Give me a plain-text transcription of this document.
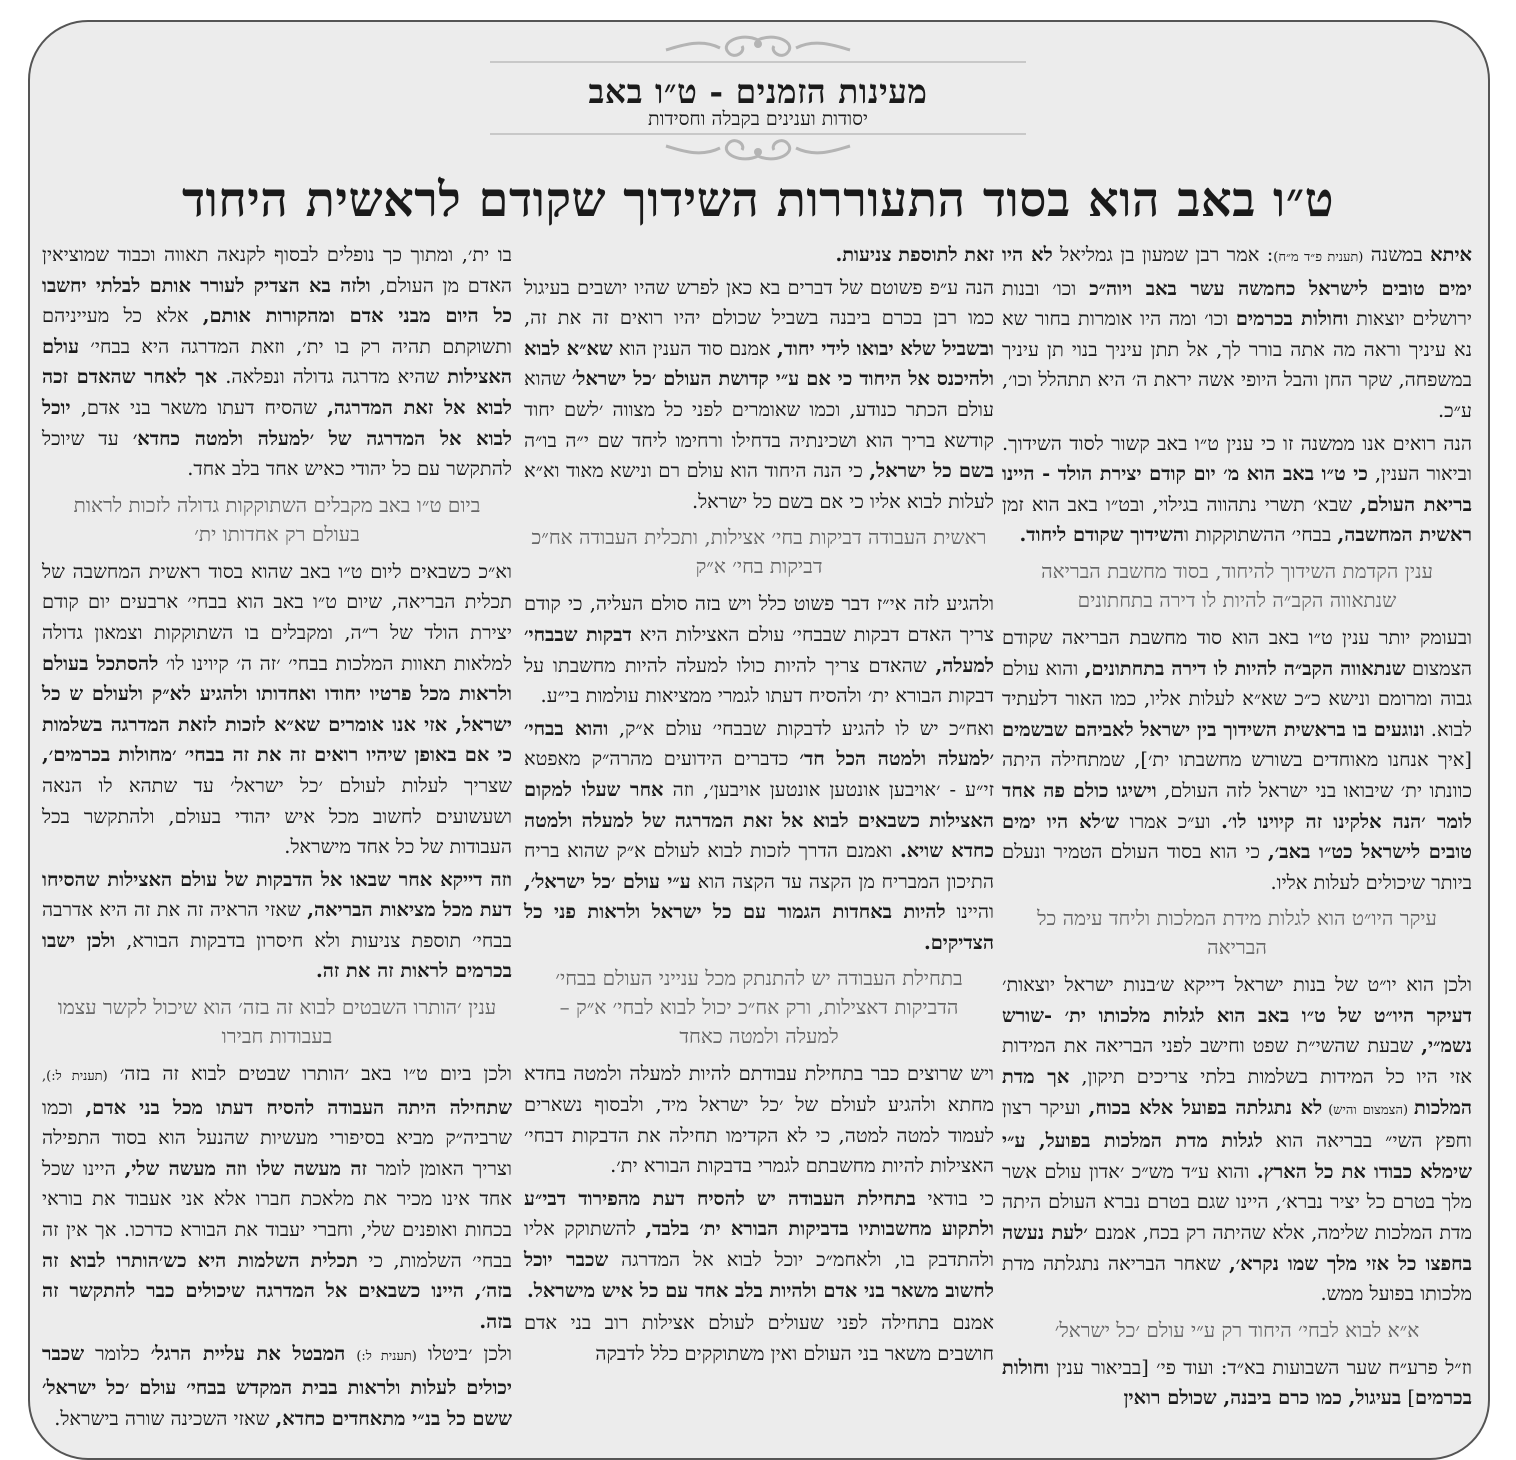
מעינות הזמנים - ט״ו באב
יסודות וענינים בקבלה וחסידות
ט״ו באב הוא בסוד התעוררות השידוך שקודם לראשית היחוד

איתא במשנה (תענית פ״ד מ״ח): אמר רבן שמעון בן גמליאל לא היו ימים טובים לישראל כחמשה עשר באב ויוה״כ וכו׳ ובנות ירושלים יוצאות וחולות בכרמים וכו׳ ומה היו אומרות בחור שא נא עיניך וראה מה אתה בורר לך, אל תתן עיניך בנוי תן עיניך במשפחה, שקר החן והבל היופי אשה יראת ה׳ היא תתהלל וכו׳, ע״כ.

הנה רואים אנו ממשנה זו כי ענין ט״ו באב קשור לסוד השידוך. וביאור הענין, כי ט״ו באב הוא מ׳ יום קודם יצירת הולד - היינו בריאת העולם, שבא׳ תשרי נתהווה בגילוי, ובט״ו באב הוא זמן ראשית המחשבה, בבחי׳ ההשתוקקות והשידוך שקודם ליחוד.

ענין הקדמת השידוך להיחוד, בסוד מחשבת הבריאה שנתאווה הקב״ה להיות לו דירה בתחתונים

ובעומק יותר ענין ט״ו באב הוא סוד מחשבת הבריאה שקודם הצמצום שנתאווה הקב״ה להיות לו דירה בתחתונים, והוא עולם גבוה ומרומם ונישא כ״כ שא״א לעלות אליו, כמו האור דלעתיד לבוא. ונוגעים בו בראשית השידוך בין ישראל לאביהם שבשמים [איך אנחנו מאוחדים בשורש מחשבתו ית׳], שמתחילה היתה כוונתו ית׳ שיבואו בני ישראל לזה העולם, וישיגו כולם פה אחד לומר ׳הנה אלקינו זה קיוינו לו׳. וע״כ אמרו ש׳לא היו ימים טובים לישראל כט״ו באב׳, כי הוא בסוד העולם הטמיר ונעלם ביותר שיכולים לעלות אליו.

עיקר היו״ט הוא לגלות מידת המלכות וליחד עימה כל הבריאה

ולכן הוא יו״ט של בנות ישראל דייקא ש׳בנות ישראל יוצאות׳ דעיקר היו״ט של ט״ו באב הוא לגלות מלכותו ית׳ -שורש נשמ״י, שבעת שהשי״ת שפט וחישב לפני הבריאה את המידות אזי היו כל המידות בשלמות בלתי צריכים תיקון, אך מדת המלכות (הצמצום והיש) לא נתגלתה בפועל אלא בכוח, ועיקר רצון וחפץ השי״ בבריאה הוא לגלות מדת המלכות בפועל, ע״י שימלא כבודו את כל הארץ. והוא ע״ד מש״כ ׳אדון עולם אשר מלך בטרם כל יציר נברא׳, היינו שגם בטרם נברא העולם היתה מדת המלכות שלימה, אלא שהיתה רק בכח, אמנם ׳לעת נעשה בחפצו כל אזי מלך שמו נקרא׳, שאחר הבריאה נתגלתה מדת מלכותו בפועל ממש.

א״א לבוא לבחי׳ היחוד רק ע״י עולם ׳כל ישראל׳

וז״ל פרע״ח שער השבועות בא״ד: ועוד פי׳ [בביאור ענין וחולות בכרמים] בעיגול, כמו כרם ביבנה, שכולם רואין

זאת לתוספת צניעות.

הנה ע״פ פשוטם של דברים בא כאן לפרש שהיו יושבים בעיגול כמו רבן בכרם ביבנה בשביל שכולם יהיו רואים זה את זה, ובשביל שלא יבואו לידי יחוד, אמנם סוד הענין הוא שא״א לבוא ולהיכנס אל היחוד כי אם ע״י קדושת העולם ׳כל ישראל׳ שהוא עולם הכתר כנודע, וכמו שאומרים לפני כל מצווה ׳לשם יחוד קודשא בריך הוא ושכינתיה בדחילו ורחימו ליחד שם י״ה בו״ה בשם כל ישראל, כי הנה היחוד הוא עולם רם ונישא מאוד וא״א לעלות לבוא אליו כי אם בשם כל ישראל.

ראשית העבודה דביקות בחי׳ אצילות, ותכלית העבודה אח״כ דביקות בחי׳ א״ק

ולהגיע לזה אי״ז דבר פשוט כלל ויש בזה סולם העליה, כי קודם צריך האדם דבקות שבבחי׳ עולם האצילות היא דבקות שבבחי׳ למעלה, שהאדם צריך להיות כולו למעלה להיות מחשבתו על דבקות הבורא ית׳ ולהסיח דעתו לגמרי ממציאות עולמות בי״ע.

ואח״כ יש לו להגיע לדבקות שבבחי׳ עולם א״ק, והוא בבחי׳ ׳למעלה ולמטה הכל חד׳ כדברים הידועים מהרה״ק מאפטא זי״ע - ׳אויבען אונטען אונטען אויבען׳, וזה אחר שעלו למקום האצילות כשבאים לבוא אל זאת המדרגה של למעלה ולמטה כחדא שויא. ואמנם הדרך לזכות לבוא לעולם א״ק שהוא בריח התיכון המבריח מן הקצה עד הקצה הוא ע״י עולם ׳כל ישראל׳, והיינו להיות באחדות הגמור עם כל ישראל ולראות פני כל הצדיקים.

בתחילת העבודה יש להתנתק מכל ענייני העולם בבחי׳ הדביקות דאצילות, ורק אח״כ יכול לבוא לבחי׳ א״ק – למעלה ולמטה כאחד

ויש שרוצים כבר בתחילת עבודתם להיות למעלה ולמטה בחדא מחתא ולהגיע לעולם של ׳כל ישראל מיד, ולבסוף נשארים לעמוד למטה למטה, כי לא הקדימו תחילה את הדבקות דבחי׳ האצילות להיות מחשבתם לגמרי בדבקות הבורא ית׳.

כי בודאי בתחילת העבודה יש להסיח דעת מהפירוד דבי״ע ולתקוע מחשבותיו בדביקות הבורא ית׳ בלבד, להשתוקק אליו ולהתדבק בו, ולאחמ״כ יוכל לבוא אל המדרגה שכבר יוכל לחשוב משאר בני אדם ולהיות בלב אחד עם כל איש מישראל.

אמנם בתחילה לפני שעולים לעולם אצילות רוב בני אדם חושבים משאר בני העולם ואין משתוקקים כלל לדבקה

בו ית׳, ומתוך כך נופלים לבסוף לקנאה תאווה וכבוד שמוציאין האדם מן העולם, ולזה בא הצדיק לעורר אותם לבלתי יחשבו כל היום מבני אדם ומהקורות אותם, אלא כל מעייניהם ותשוקתם תהיה רק בו ית׳, וזאת המדרגה היא בבחי׳ עולם האצילות שהיא מדרגה גדולה ונפלאה. אך לאחר שהאדם זכה לבוא אל זאת המדרגה, שהסיח דעתו משאר בני אדם, יוכל לבוא אל המדרגה של ׳למעלה ולמטה כחדא׳ עד שיוכל להתקשר עם כל יהודי כאיש אחד בלב אחד.

ביום ט״ו באב מקבלים השתוקקות גדולה לזכות לראות בעולם רק אחדותו ית׳

וא״כ כשבאים ליום ט״ו באב שהוא בסוד ראשית המחשבה של תכלית הבריאה, שיום ט״ו באב הוא בבחי׳ ארבעים יום קודם יצירת הולד של ר״ה, ומקבלים בו השתוקקות וצמאון גדולה למלאות תאוות המלכות בבחי׳ ׳זה ה׳ קיוינו לו׳ להסתכל בעולם ולראות מכל פרטיו יחודו ואחדותו ולהגיע לא״ק ולעולם ש כל ישראל, אזי אנו אומרים שא״א לזכות לזאת המדרגה בשלמות כי אם באופן שיהיו רואים זה את זה בבחי׳ ׳מחולות בכרמים׳, שצריך לעלות לעולם ׳כל ישראל׳ עד שתהא לו הנאה ושעשועים לחשוב מכל איש יהודי בעולם, ולהתקשר בכל העבודות של כל אחד מישראל.

וזה דייקא אחר שבאו אל הדבקות של עולם האצילות שהסיחו דעת מכל מציאות הבריאה, שאזי הראיה זה את זה היא אדרבה בבחי׳ תוספת צניעות ולא חיסרון בדבקות הבורא, ולכן ישבו בכרמים לראות זה את זה.

ענין ׳הותרו השבטים לבוא זה בזה׳ הוא שיכול לקשר עצמו בעבודות חבירו

ולכן ביום ט״ו באב ׳הותרו שבטים לבוא זה בזה׳ (תענית ל:), שתחילה היתה העבודה להסיח דעתו מכל בני אדם, וכמו שרביה״ק מביא בסיפורי מעשיות שהנעל הוא בסוד התפילה וצריך האומן לומר זה מעשה שלו וזה מעשה שלי, היינו שכל אחד אינו מכיר את מלאכת חברו אלא אני אעבוד את בוראי בכחות ואופנים שלי, וחברי יעבוד את הבורא כדרכו. אך אין זה בבחי׳ השלמות, כי תכלית השלמות היא כש׳הותרו לבוא זה בזה׳, היינו כשבאים אל המדרגה שיכולים כבר להתקשר זה בזה.

ולכן ׳ביטלו (תענית ל:) המבטל את עליית הרגל׳ כלומר שכבר יכולים לעלות ולראות בבית המקדש בבחי׳ עולם ׳כל ישראל׳ ששם כל בנ״י מתאחדים כחדא, שאזי השכינה שורה בישראל.
